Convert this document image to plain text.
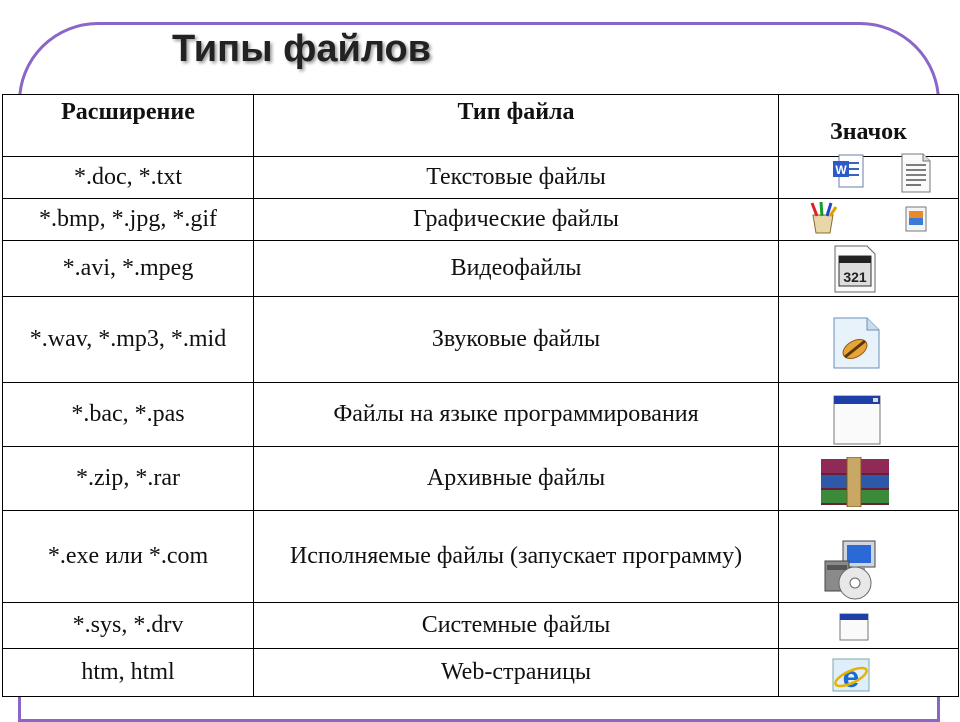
Типы файлов
Расширение	Тип файла	Значок
*.doc, *.txt	Текстовые файлы	W

*.bmp, *.jpg, *.gif	Графические файлы	

*.avi, *.mpeg	Видеофайлы	321

*.wav, *.mp3, *.mid	Звуковые файлы	

*.bac, *.pas	Файлы на языке программирования	

*.zip, *.rar	Архивные файлы	

*.exe или *.com	Исполняемые файлы (запускает программу)	

*.sys, *.drv	Системные файлы	

htm, html	Web-страницы	e
